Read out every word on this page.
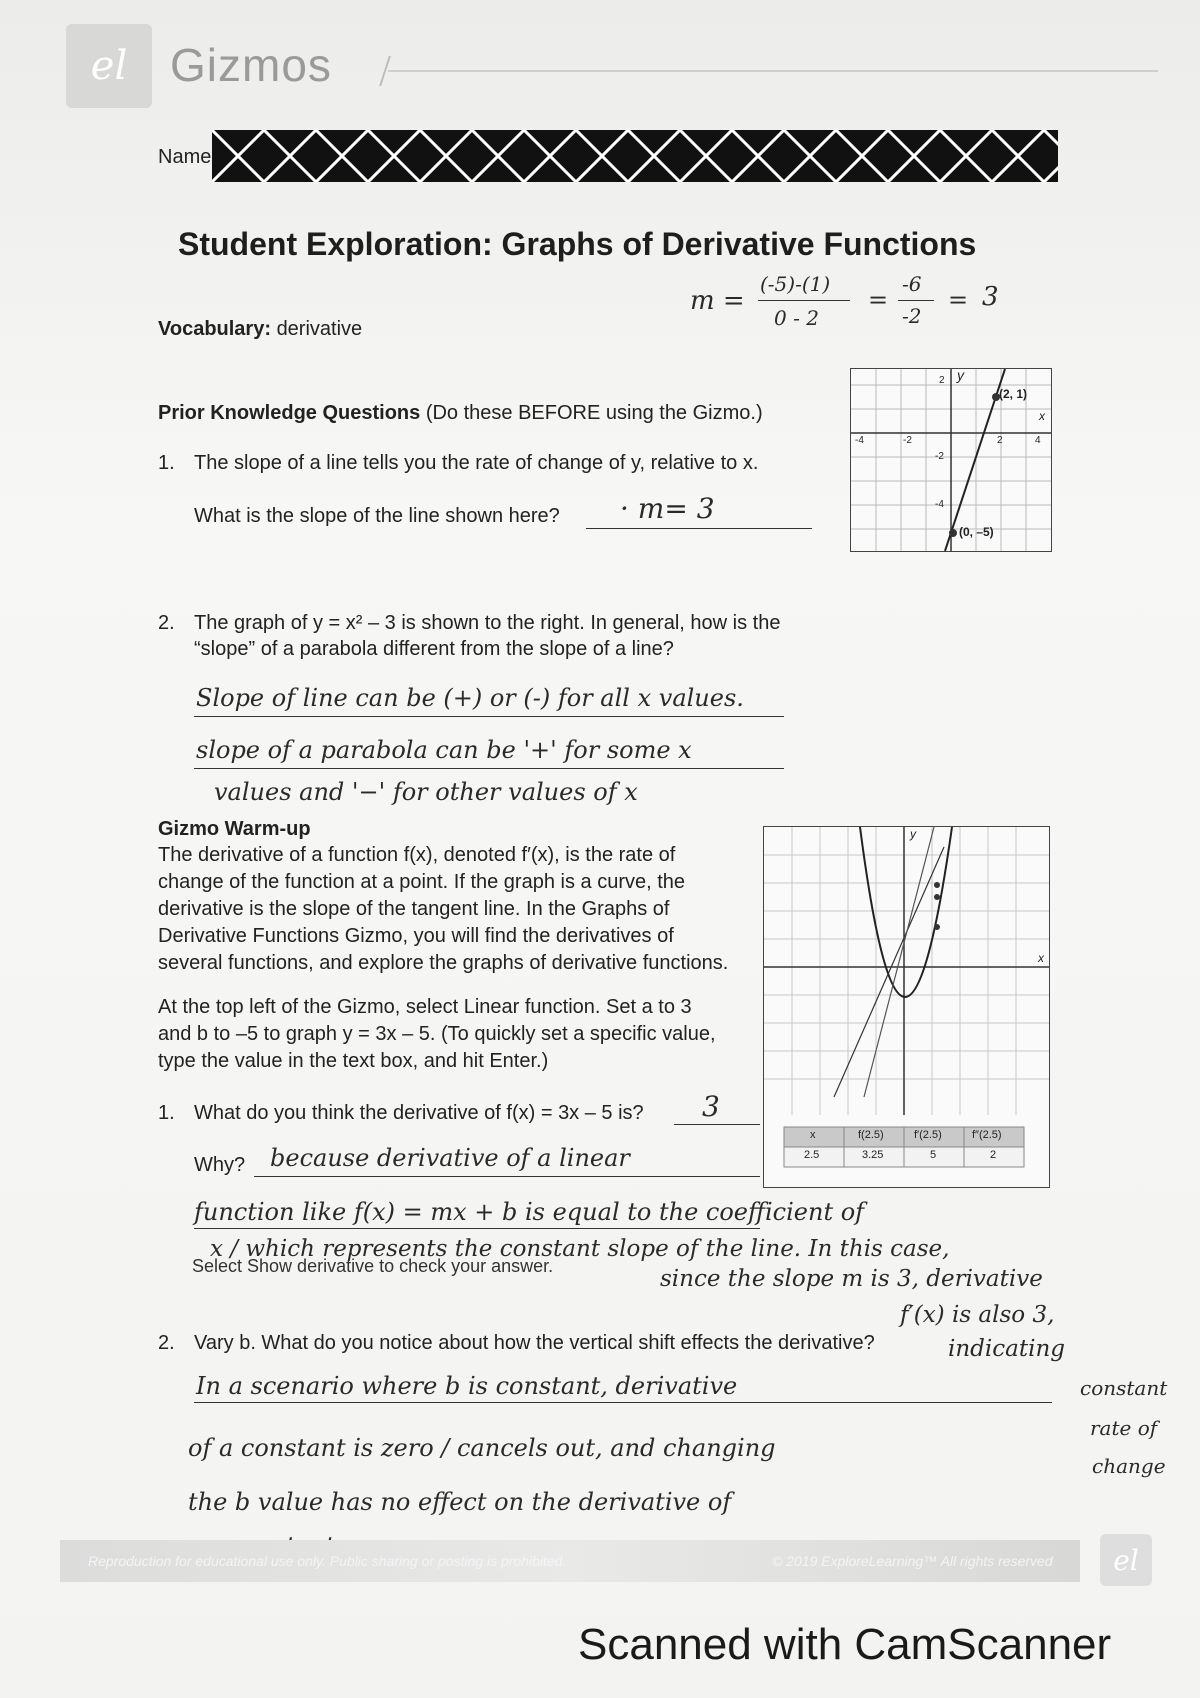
el Gizmos
Name
Student Exploration: Graphs of Derivative Functions
m =
(-5)-(1)
0 - 2
=
-6
-2
= 3
Vocabulary: derivative
Prior Knowledge Questions (Do these BEFORE using the Gizmo.)
1. The slope of a line tells you the rate of change of y, relative to x.
What is the slope of the line shown here? · m= 3
y
x
2
-2
-4
-4	-2	2	4
(2, 1)
(0, –5)
2. The graph of y = x² – 3 is shown to the right. In general, how is the
“slope” of a parabola different from the slope of a line?
Slope of line can be (+) or (-) for all x values.
slope of a parabola can be '+' for some x
values and '−' for other values of x
Gizmo Warm-up
The derivative of a function f(x), denoted f′(x), is the rate of
change of the function at a point. If the graph is a curve, the
derivative is the slope of the tangent line. In the Graphs of
Derivative Functions Gizmo, you will find the derivatives of
several functions, and explore the graphs of derivative functions.
At the top left of the Gizmo, select Linear function. Set a to 3
and b to –5 to graph y = 3x – 5. (To quickly set a specific value,
type the value in the text box, and hit Enter.)
y
x
x	f(2.5)	f′(2.5)	f″(2.5)
2.5	3.25	5	2
1. What do you think the derivative of f(x) = 3x – 5 is? 3
Why? because derivative of a linear
function like f(x) = mx + b is equal to the coefficient of
x / which represents the constant slope of the line. In this case,
Select Show derivative to check your answer.	since the slope m is 3, derivative
f′(x) is also 3,
indicating
2. Vary b. What do you notice about how the vertical shift effects the derivative?
In a scenario where b is constant, derivative
of a constant is zero / cancels out, and changing
the b value has no effect on the derivative of
constant
rate of
change
Reproduction for educational use only. Public sharing or posting is prohibited.	© 2019 ExploreLearning™ All rights reserved el
Scanned with CamScanner
